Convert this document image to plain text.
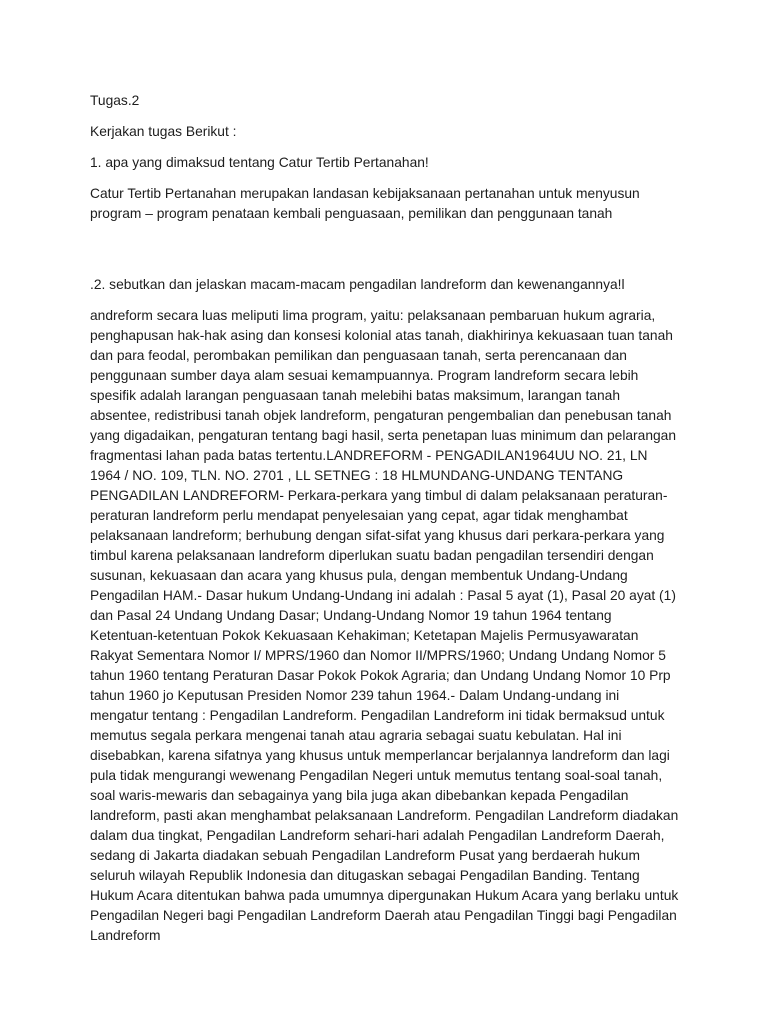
Tugas.2

Kerjakan tugas Berikut :

1. apa yang dimaksud tentang Catur Tertib Pertanahan!

Catur Tertib Pertanahan merupakan landasan kebijaksanaan pertanahan untuk menyusun program – program penataan kembali penguasaan, pemilikan dan penggunaan tanah

.2. sebutkan dan jelaskan macam-macam pengadilan landreform dan kewenangannya!l

andreform secara luas meliputi lima program, yaitu: pelaksanaan pembaruan hukum agraria, penghapusan hak-hak asing dan konsesi kolonial atas tanah, diakhirinya kekuasaan tuan tanah dan para feodal, perombakan pemilikan dan penguasaan tanah, serta perencanaan dan penggunaan sumber daya alam sesuai kemampuannya. Program landreform secara lebih spesifik adalah larangan penguasaan tanah melebihi batas maksimum, larangan tanah absentee, redistribusi tanah objek landreform, pengaturan pengembalian dan penebusan tanah yang digadaikan, pengaturan tentang bagi hasil, serta penetapan luas minimum dan pelarangan fragmentasi lahan pada batas tertentu.LANDREFORM - PENGADILAN1964UU NO. 21, LN 1964 / NO. 109, TLN. NO. 2701 , LL SETNEG : 18 HLMUNDANG-UNDANG TENTANG PENGADILAN LANDREFORM- Perkara-perkara yang timbul di dalam pelaksanaan peraturan-peraturan landreform perlu mendapat penyelesaian yang cepat, agar tidak menghambat pelaksanaan landreform; berhubung dengan sifat-sifat yang khusus dari perkara-perkara yang timbul karena pelaksanaan landreform diperlukan suatu badan pengadilan tersendiri dengan susunan, kekuasaan dan acara yang khusus pula, dengan membentuk Undang-Undang Pengadilan HAM.- Dasar hukum Undang-Undang ini adalah : Pasal 5 ayat (1), Pasal 20 ayat (1) dan Pasal 24 Undang Undang Dasar; Undang-Undang Nomor 19 tahun 1964 tentang Ketentuan-ketentuan Pokok Kekuasaan Kehakiman; Ketetapan Majelis Permusyawaratan Rakyat Sementara Nomor I/ MPRS/1960 dan Nomor II/MPRS/1960; Undang Undang Nomor 5 tahun 1960 tentang Peraturan Dasar Pokok Pokok Agraria; dan Undang Undang Nomor 10 Prp tahun 1960 jo Keputusan Presiden Nomor 239 tahun 1964.- Dalam Undang-undang ini mengatur tentang : Pengadilan Landreform. Pengadilan Landreform ini tidak bermaksud untuk memutus segala perkara mengenai tanah atau agraria sebagai suatu kebulatan. Hal ini disebabkan, karena sifatnya yang khusus untuk memperlancar berjalannya landreform dan lagi pula tidak mengurangi wewenang Pengadilan Negeri untuk memutus tentang soal-soal tanah, soal waris-mewaris dan sebagainya yang bila juga akan dibebankan kepada Pengadilan landreform, pasti akan menghambat pelaksanaan Landreform. Pengadilan Landreform diadakan dalam dua tingkat, Pengadilan Landreform sehari-hari adalah Pengadilan Landreform Daerah, sedang di Jakarta diadakan sebuah Pengadilan Landreform Pusat yang berdaerah hukum seluruh wilayah Republik Indonesia dan ditugaskan sebagai Pengadilan Banding. Tentang Hukum Acara ditentukan bahwa pada umumnya dipergunakan Hukum Acara yang berlaku untuk Pengadilan Negeri bagi Pengadilan Landreform Daerah atau Pengadilan Tinggi bagi Pengadilan Landreform
